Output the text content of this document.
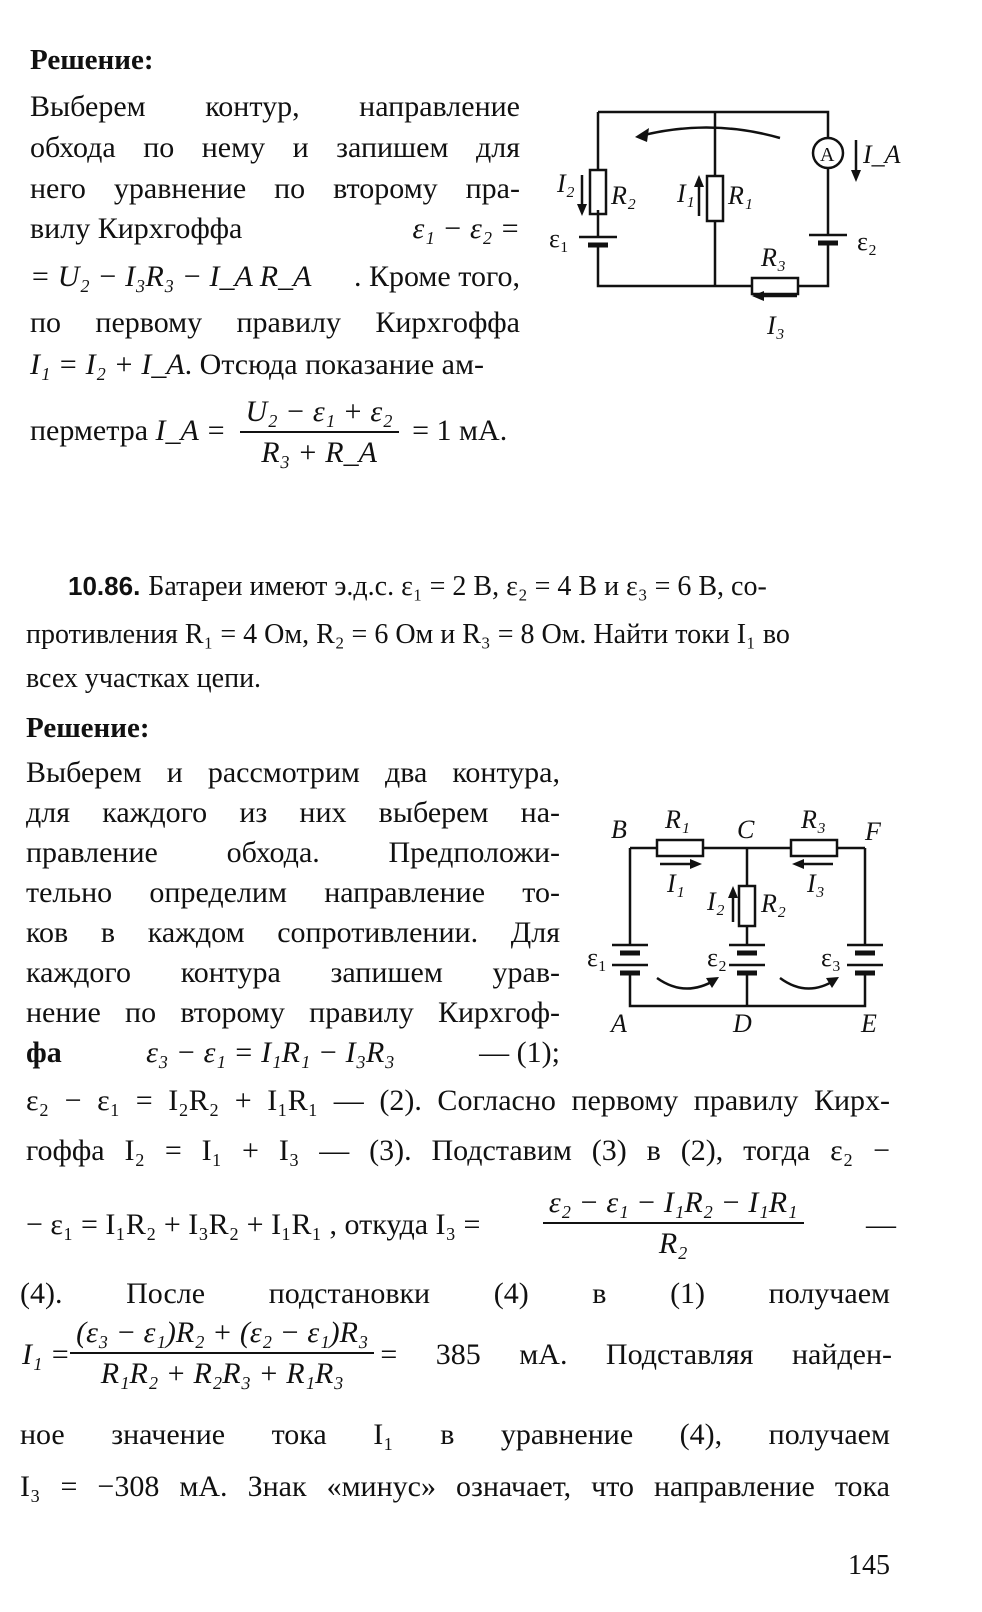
Решение:
Выберем контур, направление
обхода по нему и запишем для
него уравнение по второму пра-
вилу Кирхгоффа	ε₁ − ε₂ =
= U₂ − I₃R₃ − I_A R_A . Кроме того,
по первому правилу Кирхгоффа
I₁ = I₂ + I_A. Отсюда показание ам-
перметра I_A = $\frac{\text{U₂ − ε₁ + ε₂}}{\text{R₃ + R\_A}} = 1$ мА.
I₂ R₂ I₁ R₁
A I_A
ε₁	ε₂
R₃
I₃
10.86. Батареи имеют э.д.с. ε₁ = 2 В, ε₂ = 4 В и ε₃ = 6 В, со-
противления R₁ = 4 Ом, R₂ = 6 Ом и R₃ = 8 Ом. Найти токи I₁ во
всех участках цепи.
Решение:
Выберем и рассмотрим два контура,
для каждого из них выберем на-
правление обхода. Предположи-
тельно определим направление то-
ков в каждом сопротивлении. Для
каждого контура запишем урав-
нение по второму правилу Кирхгоф-
фа	ε₃ − ε₁ = I₁R₁ − I₃R₃	— (1);
ε₂ − ε₁ = I₂R₂ + I₁R₁ — (2). Согласно первому правилу Кирх-
гоффа I₂ = I₁ + I₃ — (3). Подставим (3) в (2), тогда ε₂ −
− ε₁ = I₁R₂ + I₃R₂ + I₁R₁ , откуда $I_3 = \frac{\text{ε₂ − ε₁ − I₁R₂ − I₁R₁}}{\text{R₂}}$ —
(4). После подстановки (4) в (1) получаем
$I_1 = \frac{\text{(ε₃ − ε₁)R₂ + (ε₂ − ε₁)R₃}}{\text{R₁R₂ + R₂R₃ + R₁R₃}} = 385$ мА. Подставляя найден-
ное значение тока I₁ в уравнение (4), получаем
I₃ = −308 мА. Знак «минус» означает, что направление тока
B R₁ C R₃ F
I₁
I₂ R₂
I₃
ε₁	ε₂	ε₃
A	D	E
145
